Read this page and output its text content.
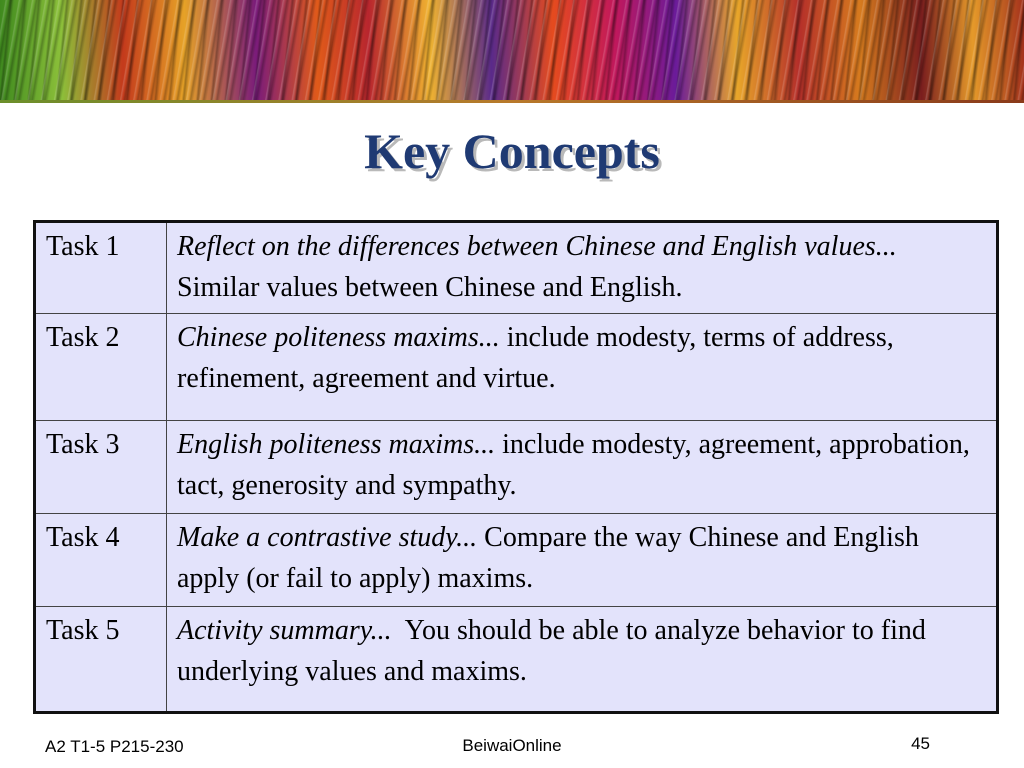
Key Concepts
Task 1	Reflect on the differences between Chinese and English values... Similar values between Chinese and English.
Task 2	Chinese politeness maxims... include modesty, terms of address, refinement, agreement and virtue.
Task 3	English politeness maxims... include modesty, agreement, approbation, tact, generosity and sympathy.
Task 4	Make a contrastive study... Compare the way Chinese and English apply (or fail to apply) maxims.
Task 5	Activity summary...  You should be able to analyze behavior to find underlying values and maxims.
A2 T1-5 P215-230	BeiwaiOnline	45
